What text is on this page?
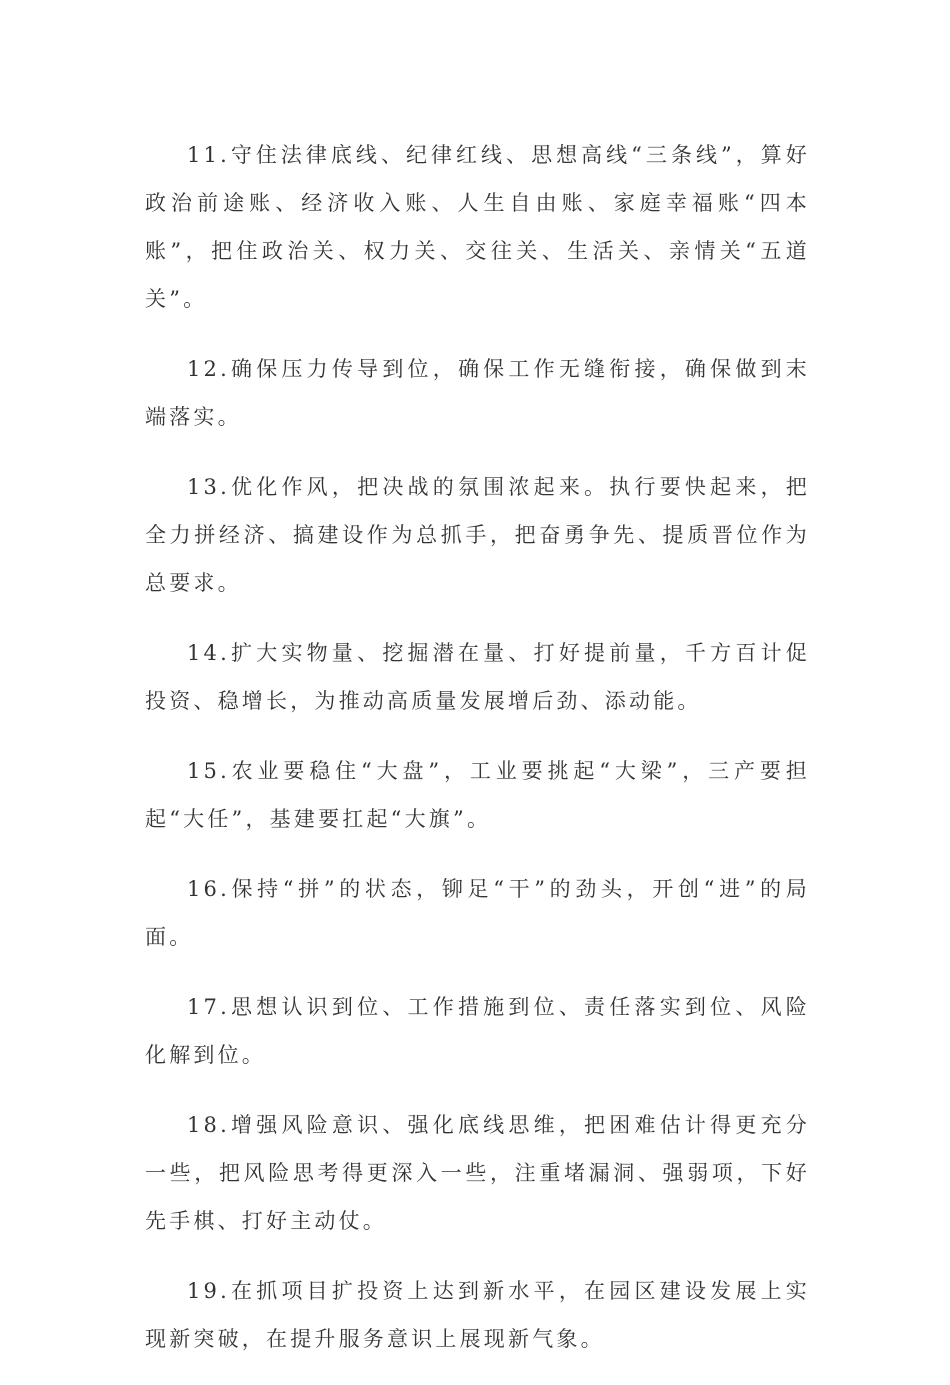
11.守住法律底线、纪律红线、思想高线“三条线”，算好政治前途账、经济收入账、人生自由账、家庭幸福账“四本账”，把住政治关、权力关、交往关、生活关、亲情关“五道关”。

12.确保压力传导到位，确保工作无缝衔接，确保做到末端落实。

13.优化作风，把决战的氛围浓起来。执行要快起来，把全力拼经济、搞建设作为总抓手，把奋勇争先、提质晋位作为总要求。

14.扩大实物量、挖掘潜在量、打好提前量，千方百计促投资、稳增长，为推动高质量发展增后劲、添动能。

15.农业要稳住“大盘”，工业要挑起“大梁”，三产要担起“大任”，基建要扛起“大旗”。

16.保持“拼”的状态，铆足“干”的劲头，开创“进”的局面。

17.思想认识到位、工作措施到位、责任落实到位、风险化解到位。

18.增强风险意识、强化底线思维，把困难估计得更充分一些，把风险思考得更深入一些，注重堵漏洞、强弱项，下好先手棋、打好主动仗。

19.在抓项目扩投资上达到新水平，在园区建设发展上实现新突破，在提升服务意识上展现新气象。
